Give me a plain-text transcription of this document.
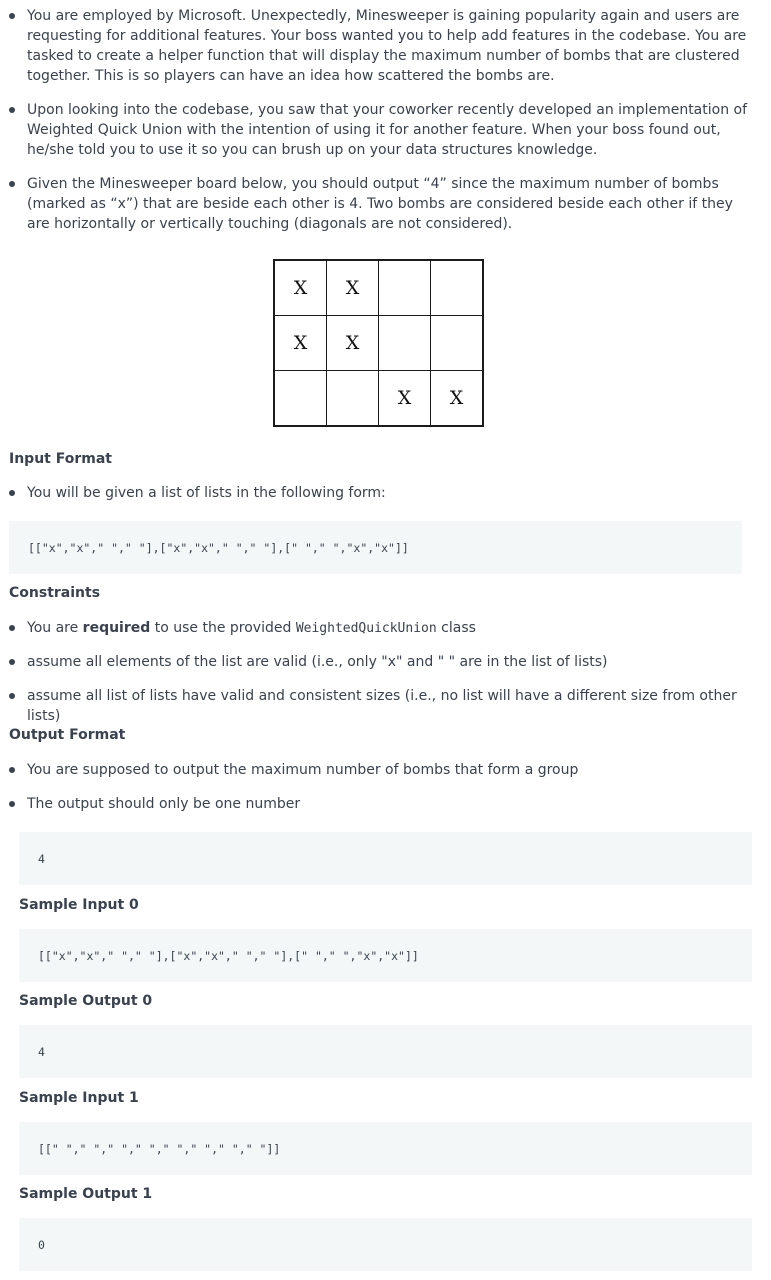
You are employed by Microsoft. Unexpectedly, Minesweeper is gaining popularity again and users are requesting for additional features. Your boss wanted you to help add features in the codebase. You are tasked to create a helper function that will display the maximum number of bombs that are clustered together. This is so players can have an idea how scattered the bombs are.
Upon looking into the codebase, you saw that your coworker recently developed an implementation of Weighted Quick Union with the intention of using it for another feature. When your boss found out, he/she told you to use it so you can brush up on your data structures knowledge.
Given the Minesweeper board below, you should output “4” since the maximum number of bombs (marked as “x”) that are beside each other is 4. Two bombs are considered beside each other if they are horizontally or vertically touching (diagonals are not considered).
X	X		
X	X		
		X	X
Input Format
You will be given a list of lists in the following form:
[["x","x"," "," "],["x","x"," "," "],[" "," ","x","x"]]
Constraints
You are required to use the provided WeightedQuickUnion class
assume all elements of the list are valid (i.e., only "x" and " " are in the list of lists)
assume all list of lists have valid and consistent sizes (i.e., no list will have a different size from other lists)
Output Format
You are supposed to output the maximum number of bombs that form a group
The output should only be one number
4
Sample Input 0
[["x","x"," "," "],["x","x"," "," "],[" "," ","x","x"]]
Sample Output 0
4
Sample Input 1
[[" "," "," "," "," "," "," "," "]]
Sample Output 1
0
